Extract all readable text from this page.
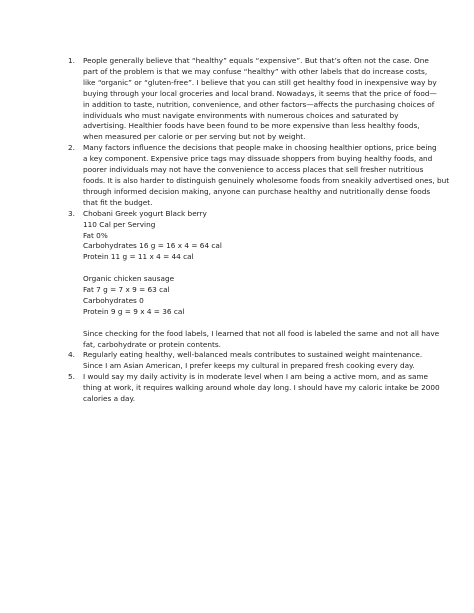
1. People generally believe that “healthy” equals “expensive”. But that’s often not the case. One
part of the problem is that we may confuse “healthy” with other labels that do increase costs,
like “organic” or “gluten-free”. I believe that you can still get healthy food in inexpensive way by
buying through your local groceries and local brand. Nowadays, it seems that the price of food—
in addition to taste, nutrition, convenience, and other factors—affects the purchasing choices of
individuals who must navigate environments with numerous choices and saturated by
advertising. Healthier foods have been found to be more expensive than less healthy foods,
when measured per calorie or per serving but not by weight.
2. Many factors influence the decisions that people make in choosing healthier options, price being
a key component. Expensive price tags may dissuade shoppers from buying healthy foods, and
poorer individuals may not have the convenience to access places that sell fresher nutritious
foods. It is also harder to distinguish genuinely wholesome foods from sneakily advertised ones, but
through informed decision making, anyone can purchase healthy and nutritionally dense foods
that fit the budget.
3. Chobani Greek yogurt Black berry
110 Cal per Serving
Fat 0%
Carbohydrates 16 g = 16 x 4 = 64 cal
Protein 11 g = 11 x 4 = 44 cal
Organic chicken sausage
Fat 7 g = 7 x 9 = 63 cal
Carbohydrates 0
Protein 9 g = 9 x 4 = 36 cal
Since checking for the food labels, I learned that not all food is labeled the same and not all have
fat, carbohydrate or protein contents.
4. Regularly eating healthy, well-balanced meals contributes to sustained weight maintenance.
Since I am Asian American, I prefer keeps my cultural in prepared fresh cooking every day.
5. I would say my daily activity is in moderate level when I am being a active mom, and as same
thing at work, it requires walking around whole day long. I should have my caloric intake be 2000
calories a day.
